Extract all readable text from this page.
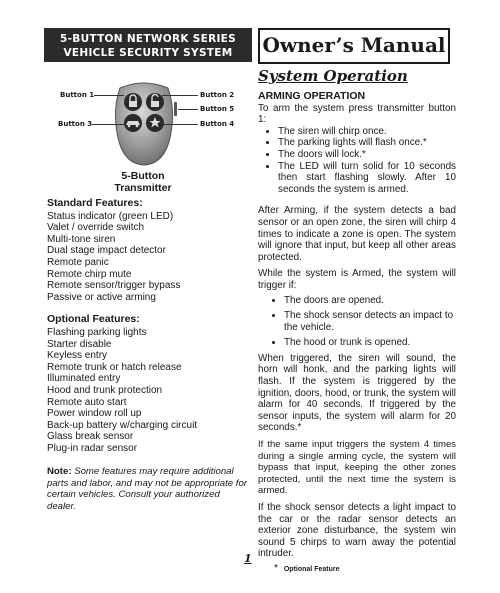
5-BUTTON NETWORK SERIES
VEHICLE SECURITY SYSTEM	Owner’s Manual
Button 1
Button 3
Button 2
Button 5
Button 4
5-Button
Transmitter

Standard Features:

Status indicator (green LED)

Valet / override switch

Multi-tone siren

Dual stage impact detector

Remote panic

Remote chirp mute

Remote sensor/trigger bypass

Passive or active arming

Optional Features:

Flashing parking lights

Starter disable

Keyless entry

Remote trunk or hatch release

Illuminated entry

Hood and trunk protection

Remote auto start

Power window roll up

Back-up battery w/charging circuit

Glass break sensor

Plug-in radar sensor

Note: Some features may require additional parts and labor, and may not be appropriate for certain vehicles. Consult your authorized dealer.

System Operation

ARMING OPERATION

To arm the system press transmitter button 1:

• The siren will chirp once.
• The parking lights will flash once.*
• The doors will lock.*
• The LED will turn solid for 10 seconds then start flashing slowly. After 10 seconds the system is armed.

After Arming, if the system detects a bad sensor or an open zone, the siren will chirp 4 times to indicate a zone is open. The system will ignore that input, but keep all other areas protected.

While the system is Armed, the system will trigger if:

• The doors are opened.
• The shock sensor detects an impact to the vehicle.
• The hood or trunk is opened.

When triggered, the siren will sound, the horn will honk, and the parking lights will flash. If the system is triggered by the ignition, doors, hood, or trunk, the system will alarm for 40 seconds. If triggered by the sensor inputs, the system will alarm for 20 seconds.*

If the same input triggers the system 4 times during a single arming cycle, the system will bypass that input, keeping the other zones protected, until the next time the system is armed.

If the shock sensor detects a light impact to the car or the radar sensor detects an exterior zone disturbance, the system win sound 5 chirps to warn away the potential intruder.

* Optional Feature
1
